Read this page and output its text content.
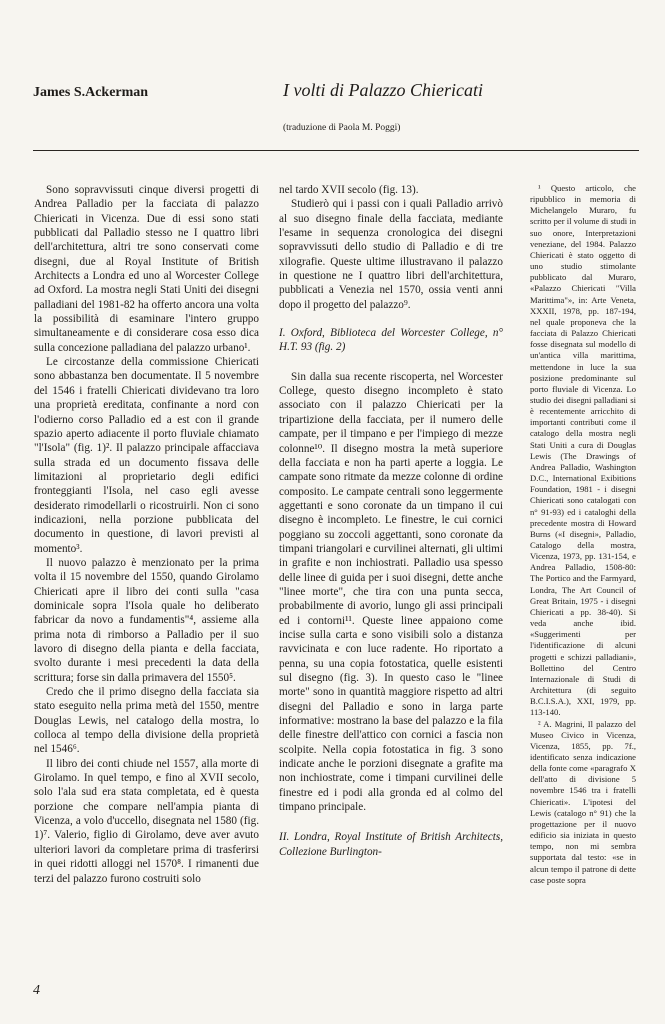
James S.Ackerman	I volti di Palazzo Chiericati
(traduzione di Paola M. Poggi)

Sono sopravvissuti cinque diversi progetti di Andrea Palladio per la facciata di palazzo Chiericati in Vicenza. Due di essi sono stati pubblicati dal Palladio stesso ne I quattro libri dell'architettura, altri tre sono conservati come disegni, due al Royal Institute of British Architects a Londra ed uno al Worcester College ad Oxford. La mostra negli Stati Uniti dei disegni palladiani del 1981-82 ha offerto ancora una volta la possibilità di esaminare l'intero gruppo simultaneamente e di considerare cosa esso dica sulla concezione palladiana del palazzo urbano¹.

Le circostanze della commissione Chiericati sono abbastanza ben documentate. Il 5 novembre del 1546 i fratelli Chiericati dividevano tra loro una proprietà ereditata, confinante a nord con l'odierno corso Palladio ed a est con il grande spazio aperto adiacente il porto fluviale chiamato "l'Isola" (fig. 1)². Il palazzo principale affacciava sulla strada ed un documento fissava delle limitazioni al proprietario degli edifici fronteggianti l'Isola, nel caso egli avesse desiderato rimodellarli o ricostruirli. Non ci sono indicazioni, nella porzione pubblicata del documento in questione, di lavori previsti al momento³.

Il nuovo palazzo è menzionato per la prima volta il 15 novembre del 1550, quando Girolamo Chiericati apre il libro dei conti sulla "casa dominicale sopra l'Isola quale ho deliberato fabricar da novo a fundamentis"⁴, assieme alla prima nota di rimborso a Palladio per il suo lavoro di disegno della pianta e della facciata, svolto durante i mesi precedenti la data della scrittura; forse sin dalla primavera del 1550⁵.

Credo che il primo disegno della facciata sia stato eseguito nella prima metà del 1550, mentre Douglas Lewis, nel catalogo della mostra, lo colloca al tempo della divisione della proprietà nel 1546⁶.

Il libro dei conti chiude nel 1557, alla morte di Girolamo. In quel tempo, e fino al XVII secolo, solo l'ala sud era stata completata, ed è questa porzione che compare nell'ampia pianta di Vicenza, a volo d'uccello, disegnata nel 1580 (fig. 1)⁷. Valerio, figlio di Girolamo, deve aver avuto ulteriori lavori da completare prima di trasferirsi in quei ridotti alloggi nel 1570⁸. I rimanenti due terzi del palazzo furono costruiti solo

nel tardo XVII secolo (fig. 13).

Studierò qui i passi con i quali Palladio arrivò al suo disegno finale della facciata, mediante l'esame in sequenza cronologica dei disegni sopravvissuti dello studio di Palladio e di tre xilografie. Queste ultime illustravano il palazzo in questione ne I quattro libri dell'architettura, pubblicati a Venezia nel 1570, ossia venti anni dopo il progetto del palazzo⁹.

I. Oxford, Biblioteca del Worcester College, n° H.T. 93 (fig. 2)

Sin dalla sua recente riscoperta, nel Worcester College, questo disegno incompleto è stato associato con il palazzo Chiericati per la tripartizione della facciata, per il numero delle campate, per il timpano e per l'impiego di mezze colonne¹⁰. Il disegno mostra la metà superiore della facciata e non ha parti aperte a loggia. Le campate sono ritmate da mezze colonne di ordine composito. Le campate centrali sono leggermente aggettanti e sono coronate da un timpano il cui disegno è incompleto. Le finestre, le cui cornici poggiano su zoccoli aggettanti, sono coronate da timpani triangolari e curvilinei alternati, gli ultimi in grafite e non inchiostrati. Palladio usa spesso delle linee di guida per i suoi disegni, dette anche "linee morte", che tira con una punta secca, probabilmente di avorio, lungo gli assi principali ed i contorni¹¹. Queste linee appaiono come incise sulla carta e sono visibili solo a distanza ravvicinata e con luce radente. Ho riportato a penna, su una copia fotostatica, quelle esistenti sul disegno (fig. 3). In questo caso le "linee morte" sono in quantità maggiore rispetto ad altri disegni del Palladio e sono in larga parte informative: mostrano la base del palazzo e la fila delle finestre dell'attico con cornici a fascia non scolpite. Nella copia fotostatica in fig. 3 sono indicate anche le porzioni disegnate a grafite ma non inchiostrate, come i timpani curvilinei delle finestre ed i podi alla gronda ed al colmo del timpano principale.

II. Londra, Royal Institute of British Architects, Collezione Burlington-

¹ Questo articolo, che ripubblico in memoria di Michelangelo Muraro, fu scritto per il volume di studi in suo onore, Interpretazioni veneziane, del 1984. Palazzo Chiericati è stato oggetto di uno studio stimolante pubblicato dal Muraro, «Palazzo Chiericati "Villa Marittima"», in: Arte Veneta, XXXII, 1978, pp. 187-194, nel quale proponeva che la facciata di Palazzo Chiericati fosse disegnata sul modello di un'antica villa marittima, mettendone in luce la sua posizione predominante sul porto fluviale di Vicenza. Lo studio dei disegni palladiani si è recentemente arricchito di importanti contributi come il catalogo della mostra negli Stati Uniti a cura di Douglas Lewis (The Drawings of Andrea Palladio, Washington D.C., International Exibitions Foundation, 1981 - i disegni Chiericati sono catalogati con n° 91-93) ed i cataloghi della precedente mostra di Howard Burns («I disegni», Palladio, Catalogo della mostra, Vicenza, 1973, pp. 131-154, e Andrea Palladio, 1508-80: The Portico and the Farmyard, Londra, The Art Council of Great Britain, 1975 - i disegni Chiericati a pp. 38-40). Si veda anche ibid. «Suggerimenti per l'identificazione di alcuni progetti e schizzi palladiani», Bollettino del Centro Internazionale di Studi di Architettura (di seguito B.C.I.S.A.), XXI, 1979, pp. 113-140.

² A. Magrini, Il palazzo del Museo Civico in Vicenza, Vicenza, 1855, pp. 7f., identificato senza indicazione della fonte come «paragrafo X dell'atto di divisione 5 novembre 1546 tra i fratelli Chiericati». L'ipotesi del Lewis (catalogo n° 91) che la progettazione per il nuovo edificio sia iniziata in questo tempo, non mi sembra supportata dal testo: «se in alcun tempo il patrone di dette case poste sopra

4
